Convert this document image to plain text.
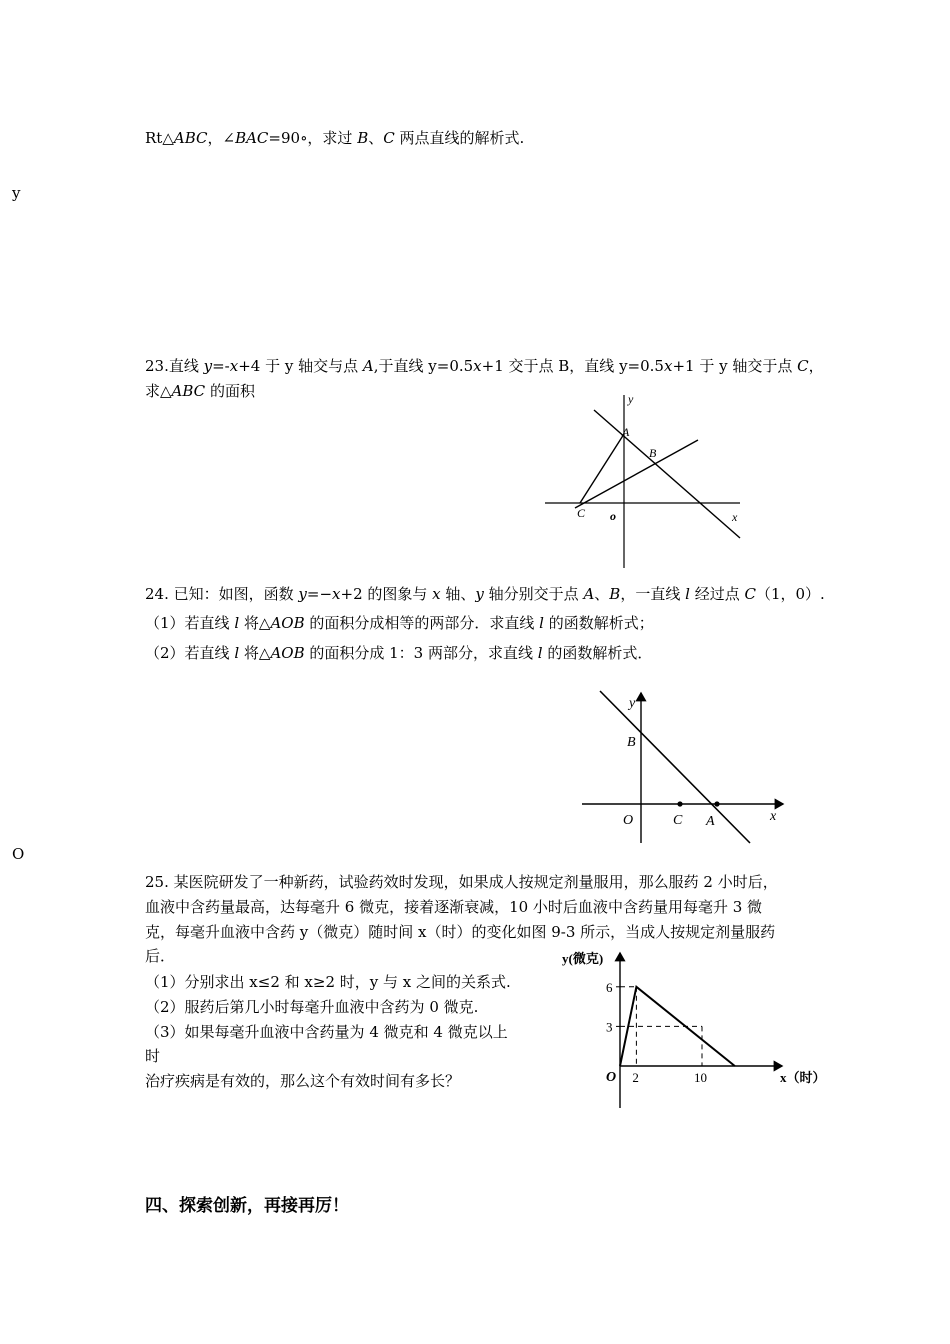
Rt△ABC，∠BAC=90∘，求过 B、C 两点直线的解析式.
y
O
23.直线 y=-x+4 于 y 轴交与点 A,于直线 y=0.5x+1 交于点 B，直线 y=0.5x+1 于 y 轴交于点 C，
求△ABC 的面积	y
A
B
C o	x
24. 已知：如图，函数 y=−x+2 的图象与 x 轴、y 轴分别交于点 A、B，一直线 l 经过点 C（1，0）.
（1）若直线 l 将△AOB 的面积分成相等的两部分．求直线 l 的函数解析式；
（2）若直线 l 将△AOB 的面积分成 1：3 两部分，求直线 l 的函数解析式．
y
B
O	C A	x
25. 某医院研发了一种新药，试验药效时发现，如果成人按规定剂量服用，那么服药 2 小时后，
血液中含药量最高，达每毫升 6 微克，接着逐渐衰减，10 小时后血液中含药量用每毫升 3 微
克，每毫升血液中含药 y（微克）随时间 x（时）的变化如图 9-3 所示，当成人按规定剂量服药
后．
（1）分别求出 x≤2 和 x≥2 时，y 与 x 之间的关系式.
（2）服药后第几小时每毫升血液中含药为 0 微克.
（3）如果每毫升血液中含药量为 4 微克和 4 微克以上
时
治疗疾病是有效的，那么这个有效时间有多长？	2	10
3
6
y(微克)
x（时）
O
四、探索创新，再接再厉！
